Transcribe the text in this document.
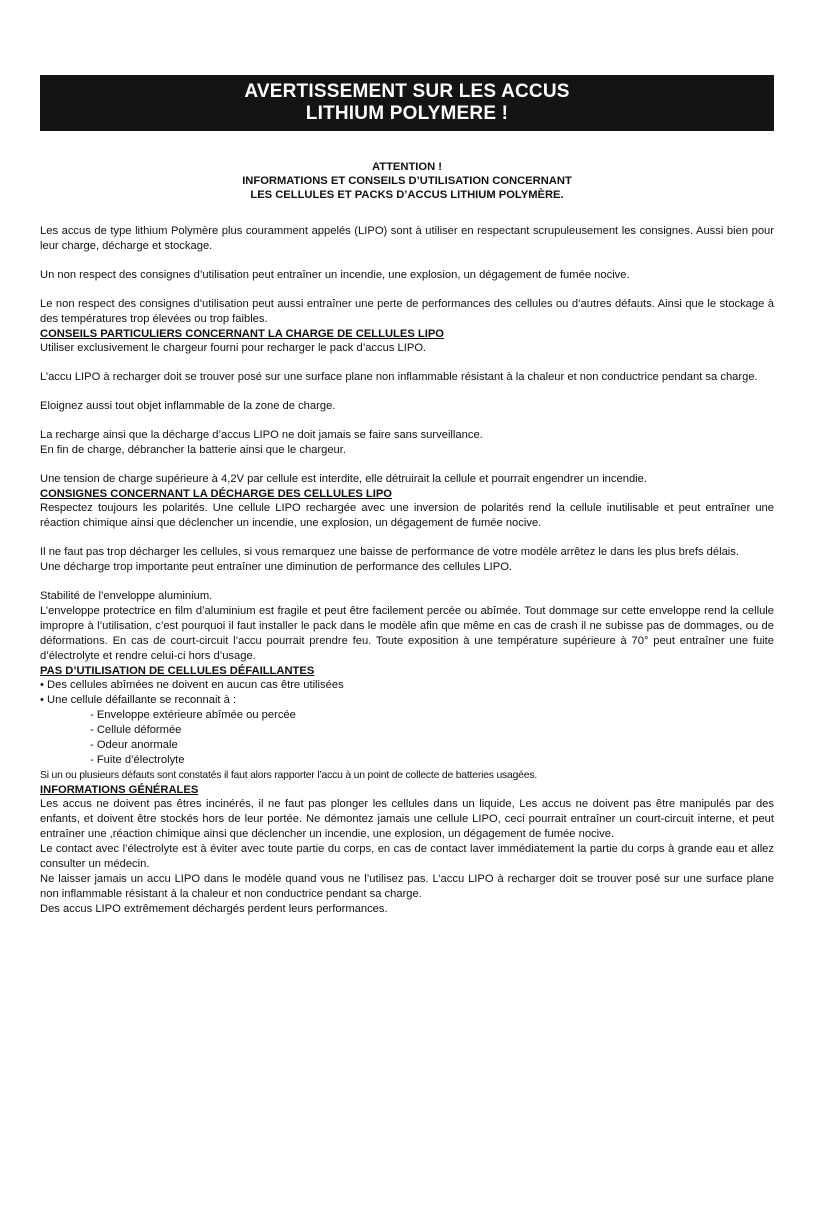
AVERTISSEMENT SUR LES ACCUS
LITHIUM POLYMERE !
ATTENTION !
INFORMATIONS ET CONSEILS D’UTILISATION CONCERNANT
LES CELLULES ET PACKS D’ACCUS LITHIUM POLYMÈRE.

Les accus de type lithium Polymère plus couramment appelés (LIPO) sont à utiliser en respectant scrupuleusement les consignes. Aussi bien pour leur charge, décharge et stockage.

Un non respect des consignes d’utilisation peut entraîner un incendie, une explosion, un dégagement de fumée nocive.

Le non respect des consignes d’utilisation peut aussi entraîner une perte de performances des cellules ou d’autres défauts. Ainsi que le stockage à des températures trop élevées ou trop faibles.

CONSEILS PARTICULIERS CONCERNANT LA CHARGE DE CELLULES LIPO

Utiliser exclusivement le chargeur fourni pour recharger le pack d’accus LIPO.

L’accu LIPO à recharger doit se trouver posé sur une surface plane non inflammable résistant à la chaleur et non conductrice pendant sa charge.

Eloignez aussi tout objet inflammable de la zone de charge.

La recharge ainsi que la décharge d’accus LIPO ne doit jamais se faire sans surveillance.

En fin de charge, débrancher la batterie ainsi que le chargeur.

Une tension de charge supérieure à 4,2V par cellule est interdite, elle détruirait la cellule et pourrait engendrer un incendie.

CONSIGNES CONCERNANT LA DÉCHARGE DES CELLULES LIPO

Respectez toujours les polarités. Une cellule LIPO rechargée avec une inversion de polarités rend la cellule inutilisable et peut entraîner une réaction chimique ainsi que déclencher un incendie, une explosion, un dégagement de fumée nocive.

Il ne faut pas trop décharger les cellules, si vous remarquez une baisse de performance de votre modèle arrêtez le dans les plus brefs délais.

Une décharge trop importante peut entraîner une diminution de performance des cellules LIPO.

Stabilité de l’enveloppe aluminium.

L’enveloppe protectrice en film d’aluminium est fragile et peut être facilement percée ou abîmée. Tout dommage sur cette enveloppe rend la cellule impropre à l’utilisation, c’est pourquoi il faut installer le pack dans le modèle afin que même en cas de crash il ne subisse pas de dommages, ou de déformations. En cas de court-circuit l’accu pourrait prendre feu. Toute exposition à une température supérieure à 70° peut entraîner une fuite d’électrolyte et rendre celui-ci hors d’usage.

PAS D’UTILISATION DE CELLULES DÉFAILLANTES

• Des cellules abîmées ne doivent en aucun cas être utilisées

• Une cellule défaillante se reconnait à :

- Enveloppe extérieure abîmée ou percée

- Cellule déformée

- Odeur anormale

- Fuite d’électrolyte

Si un ou plusieurs défauts sont constatés il faut alors rapporter l’accu à un point de collecte de batteries usagées.

INFORMATIONS GÉNÉRALES

Les accus ne doivent pas êtres incinérés, il ne faut pas plonger les cellules dans un liquide, Les accus ne doivent pas être manipulés par des enfants, et doivent être stockés hors de leur portée. Ne démontez jamais une cellule LIPO, ceci pourrait entraîner un court-circuit interne, et peut entraîner une ,réaction chimique ainsi que déclencher un incendie, une explosion, un dégagement de fumée nocive.

Le contact avec l’électrolyte est à éviter avec toute partie du corps, en cas de contact laver immédiatement la partie du corps à grande eau et allez consulter un médecin.

Ne laisser jamais un accu LIPO dans le modèle quand vous ne l’utilisez pas. L’accu LIPO à recharger doit se trouver posé sur une surface plane non inflammable résistant à la chaleur et non conductrice pendant sa charge.

Des accus LIPO extrêmement déchargés perdent leurs performances.
